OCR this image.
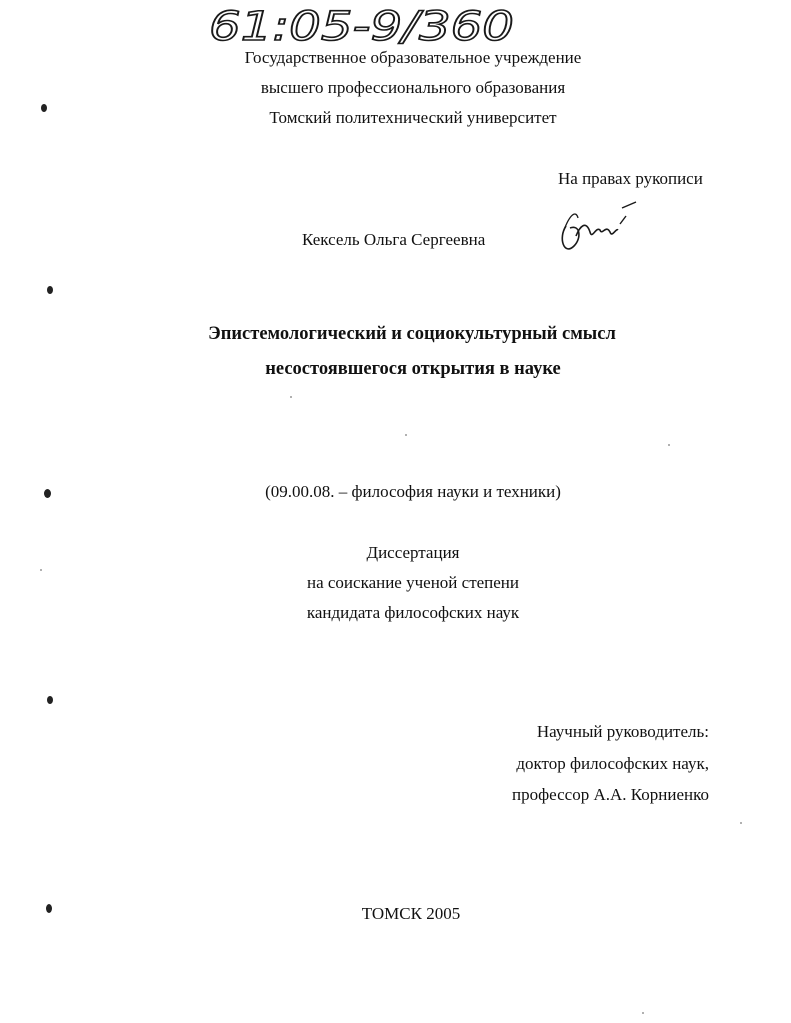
61:05-9/360
Государственное образовательное учреждение
высшего профессионального образования
Томский политехнический университет
На правах рукописи
Кексель Ольга Сергеевна
Ole
Эпистемологический и социокультурный смысл
несостоявшегося открытия в науке
(09.00.08. – философия науки и техники)
Диссертация
на соискание ученой степени
кандидата философских наук
Научный руководитель:
доктор философских наук,
профессор А.А. Корниенко
ТОМСК 2005
